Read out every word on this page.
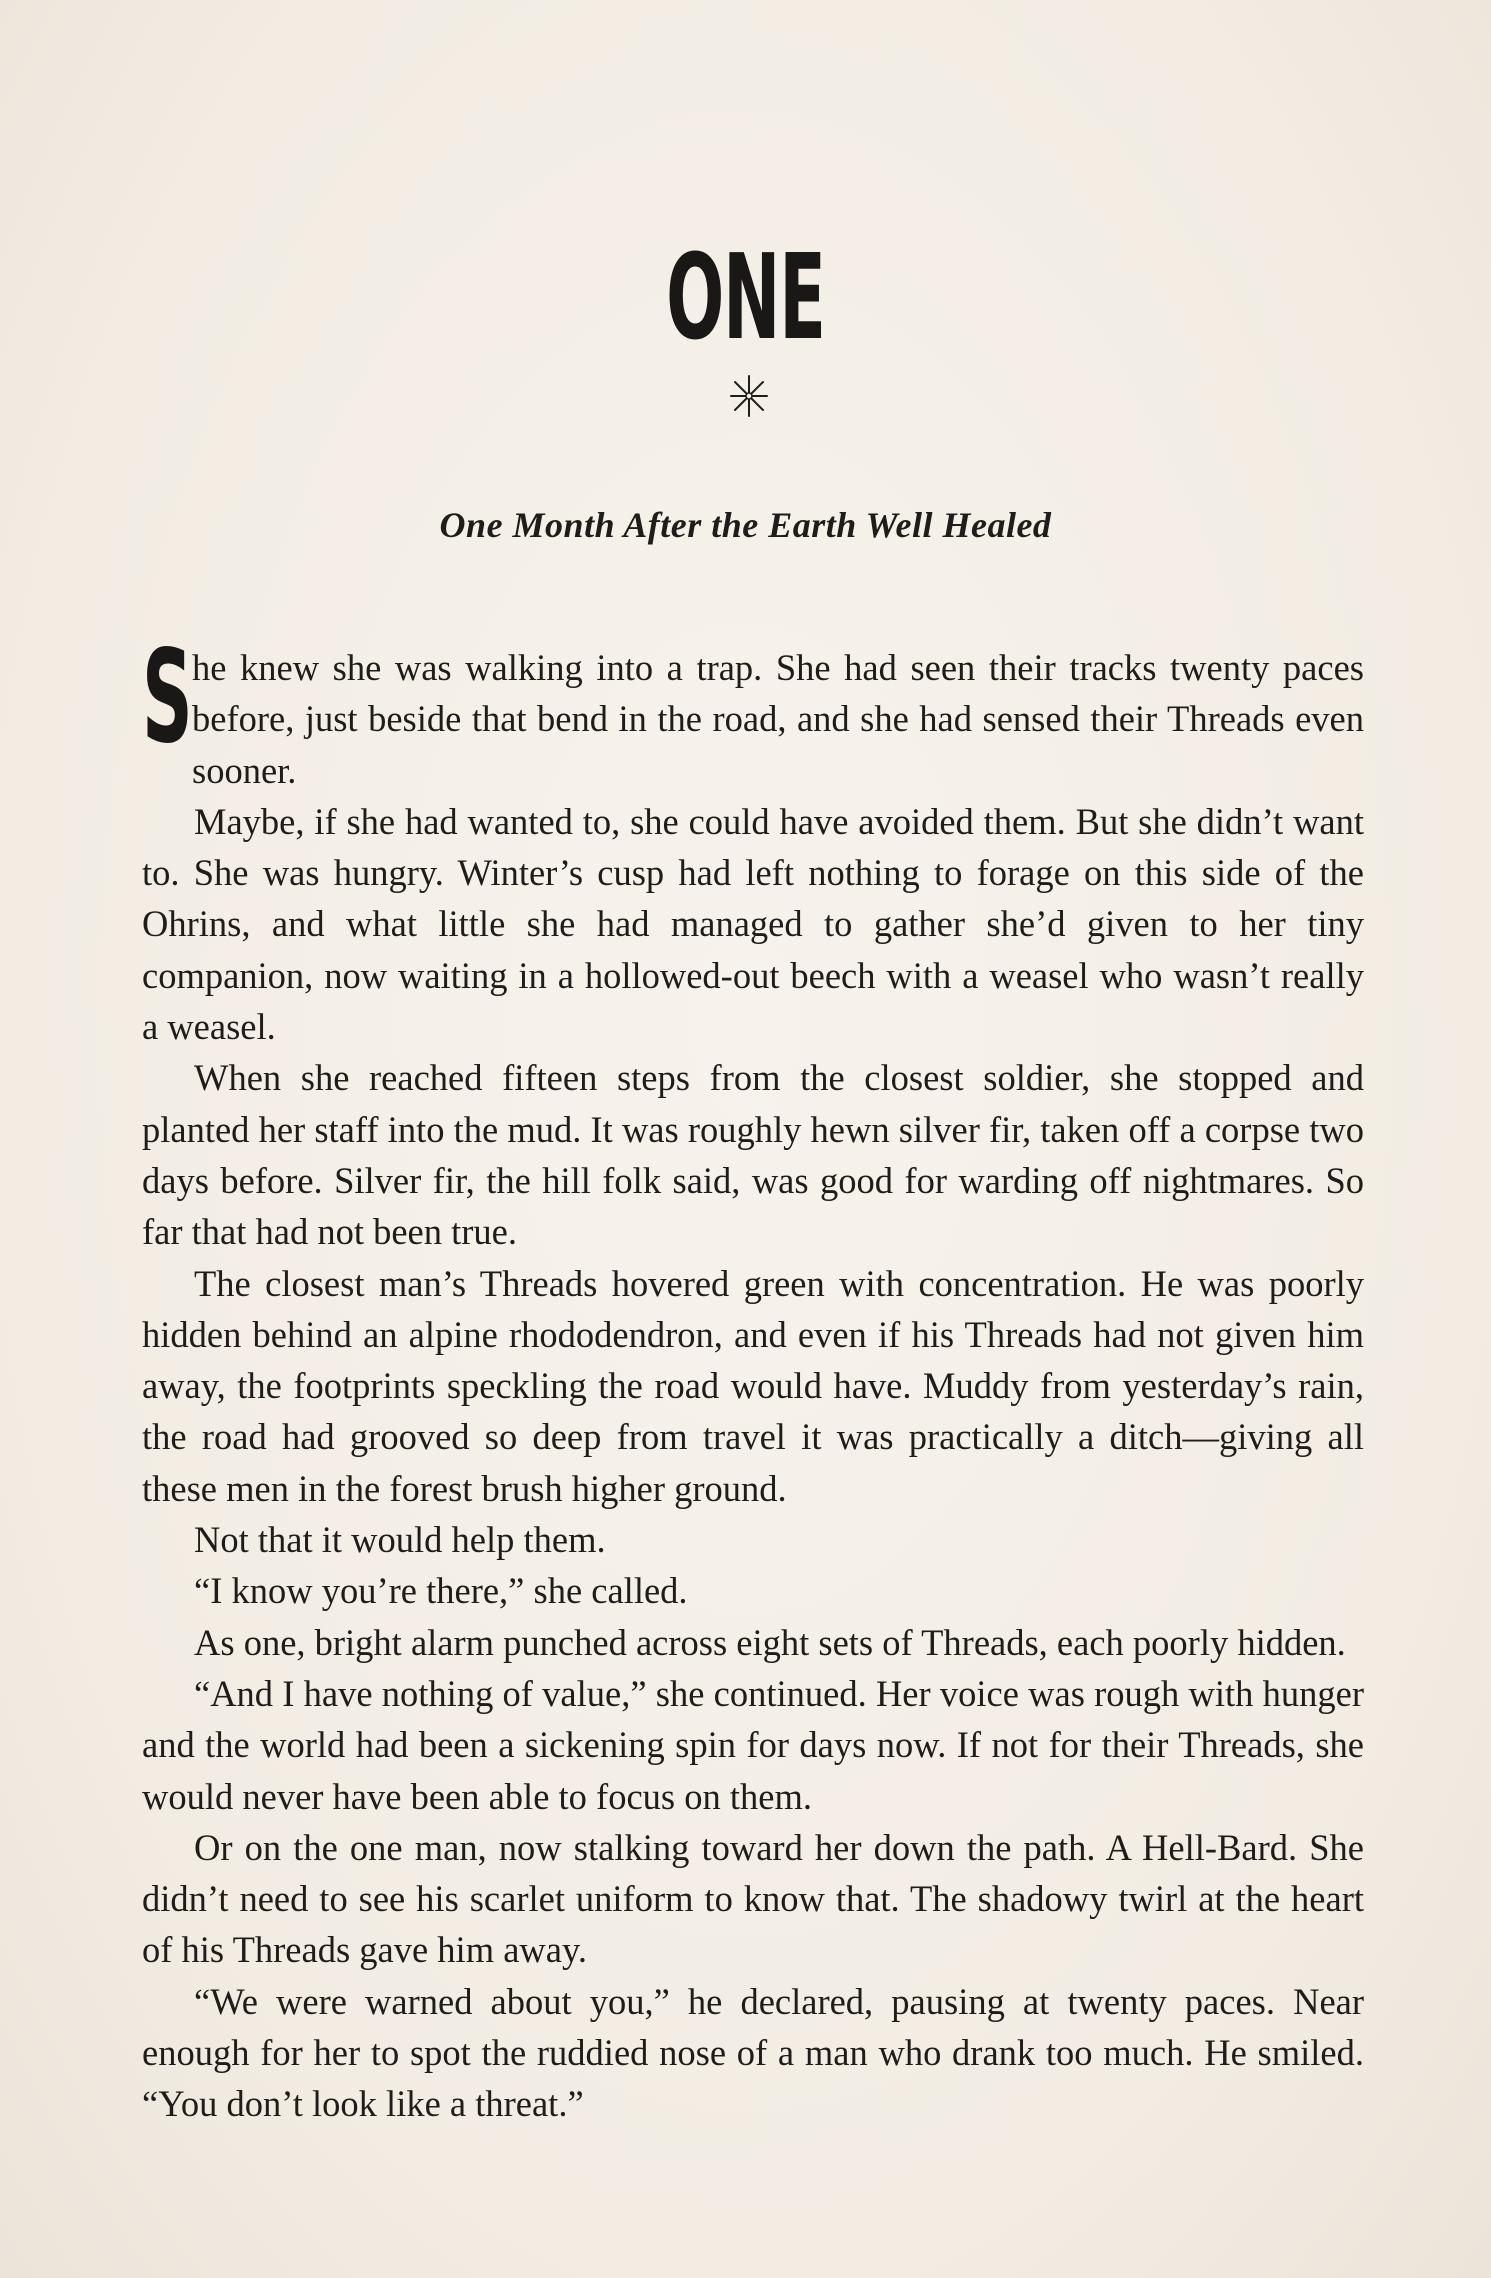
ONE
One Month After the Earth Well Healed

She knew she was walking into a trap. She had seen their tracks twenty paces before, just beside that bend in the road, and she had sensed their Threads even sooner.

Maybe, if she had wanted to, she could have avoided them. But she didn’t want to. She was hungry. Winter’s cusp had left nothing to forage on this side of the Ohrins, and what little she had managed to gather she’d given to her tiny companion, now waiting in a hollowed-out beech with a weasel who wasn’t really a weasel.

When she reached fifteen steps from the closest soldier, she stopped and planted her staff into the mud. It was roughly hewn silver fir, taken off a corpse two days before. Silver fir, the hill folk said, was good for warding off nightmares. So far that had not been true.

The closest man’s Threads hovered green with concentration. He was poorly hidden behind an alpine rhododendron, and even if his Threads had not given him away, the footprints speckling the road would have. Muddy from yesterday’s rain, the road had grooved so deep from travel it was practically a ditch—giving all these men in the forest brush higher ground.

Not that it would help them.

“I know you’re there,” she called.

As one, bright alarm punched across eight sets of Threads, each poorly hidden.

“And I have nothing of value,” she continued. Her voice was rough with hunger and the world had been a sickening spin for days now. If not for their Threads, she would never have been able to focus on them.

Or on the one man, now stalking toward her down the path. A Hell-Bard. She didn’t need to see his scarlet uniform to know that. The shadowy twirl at the heart of his Threads gave him away.

“We were warned about you,” he declared, pausing at twenty paces. Near enough for her to spot the ruddied nose of a man who drank too much. He smiled. “You don’t look like a threat.”
